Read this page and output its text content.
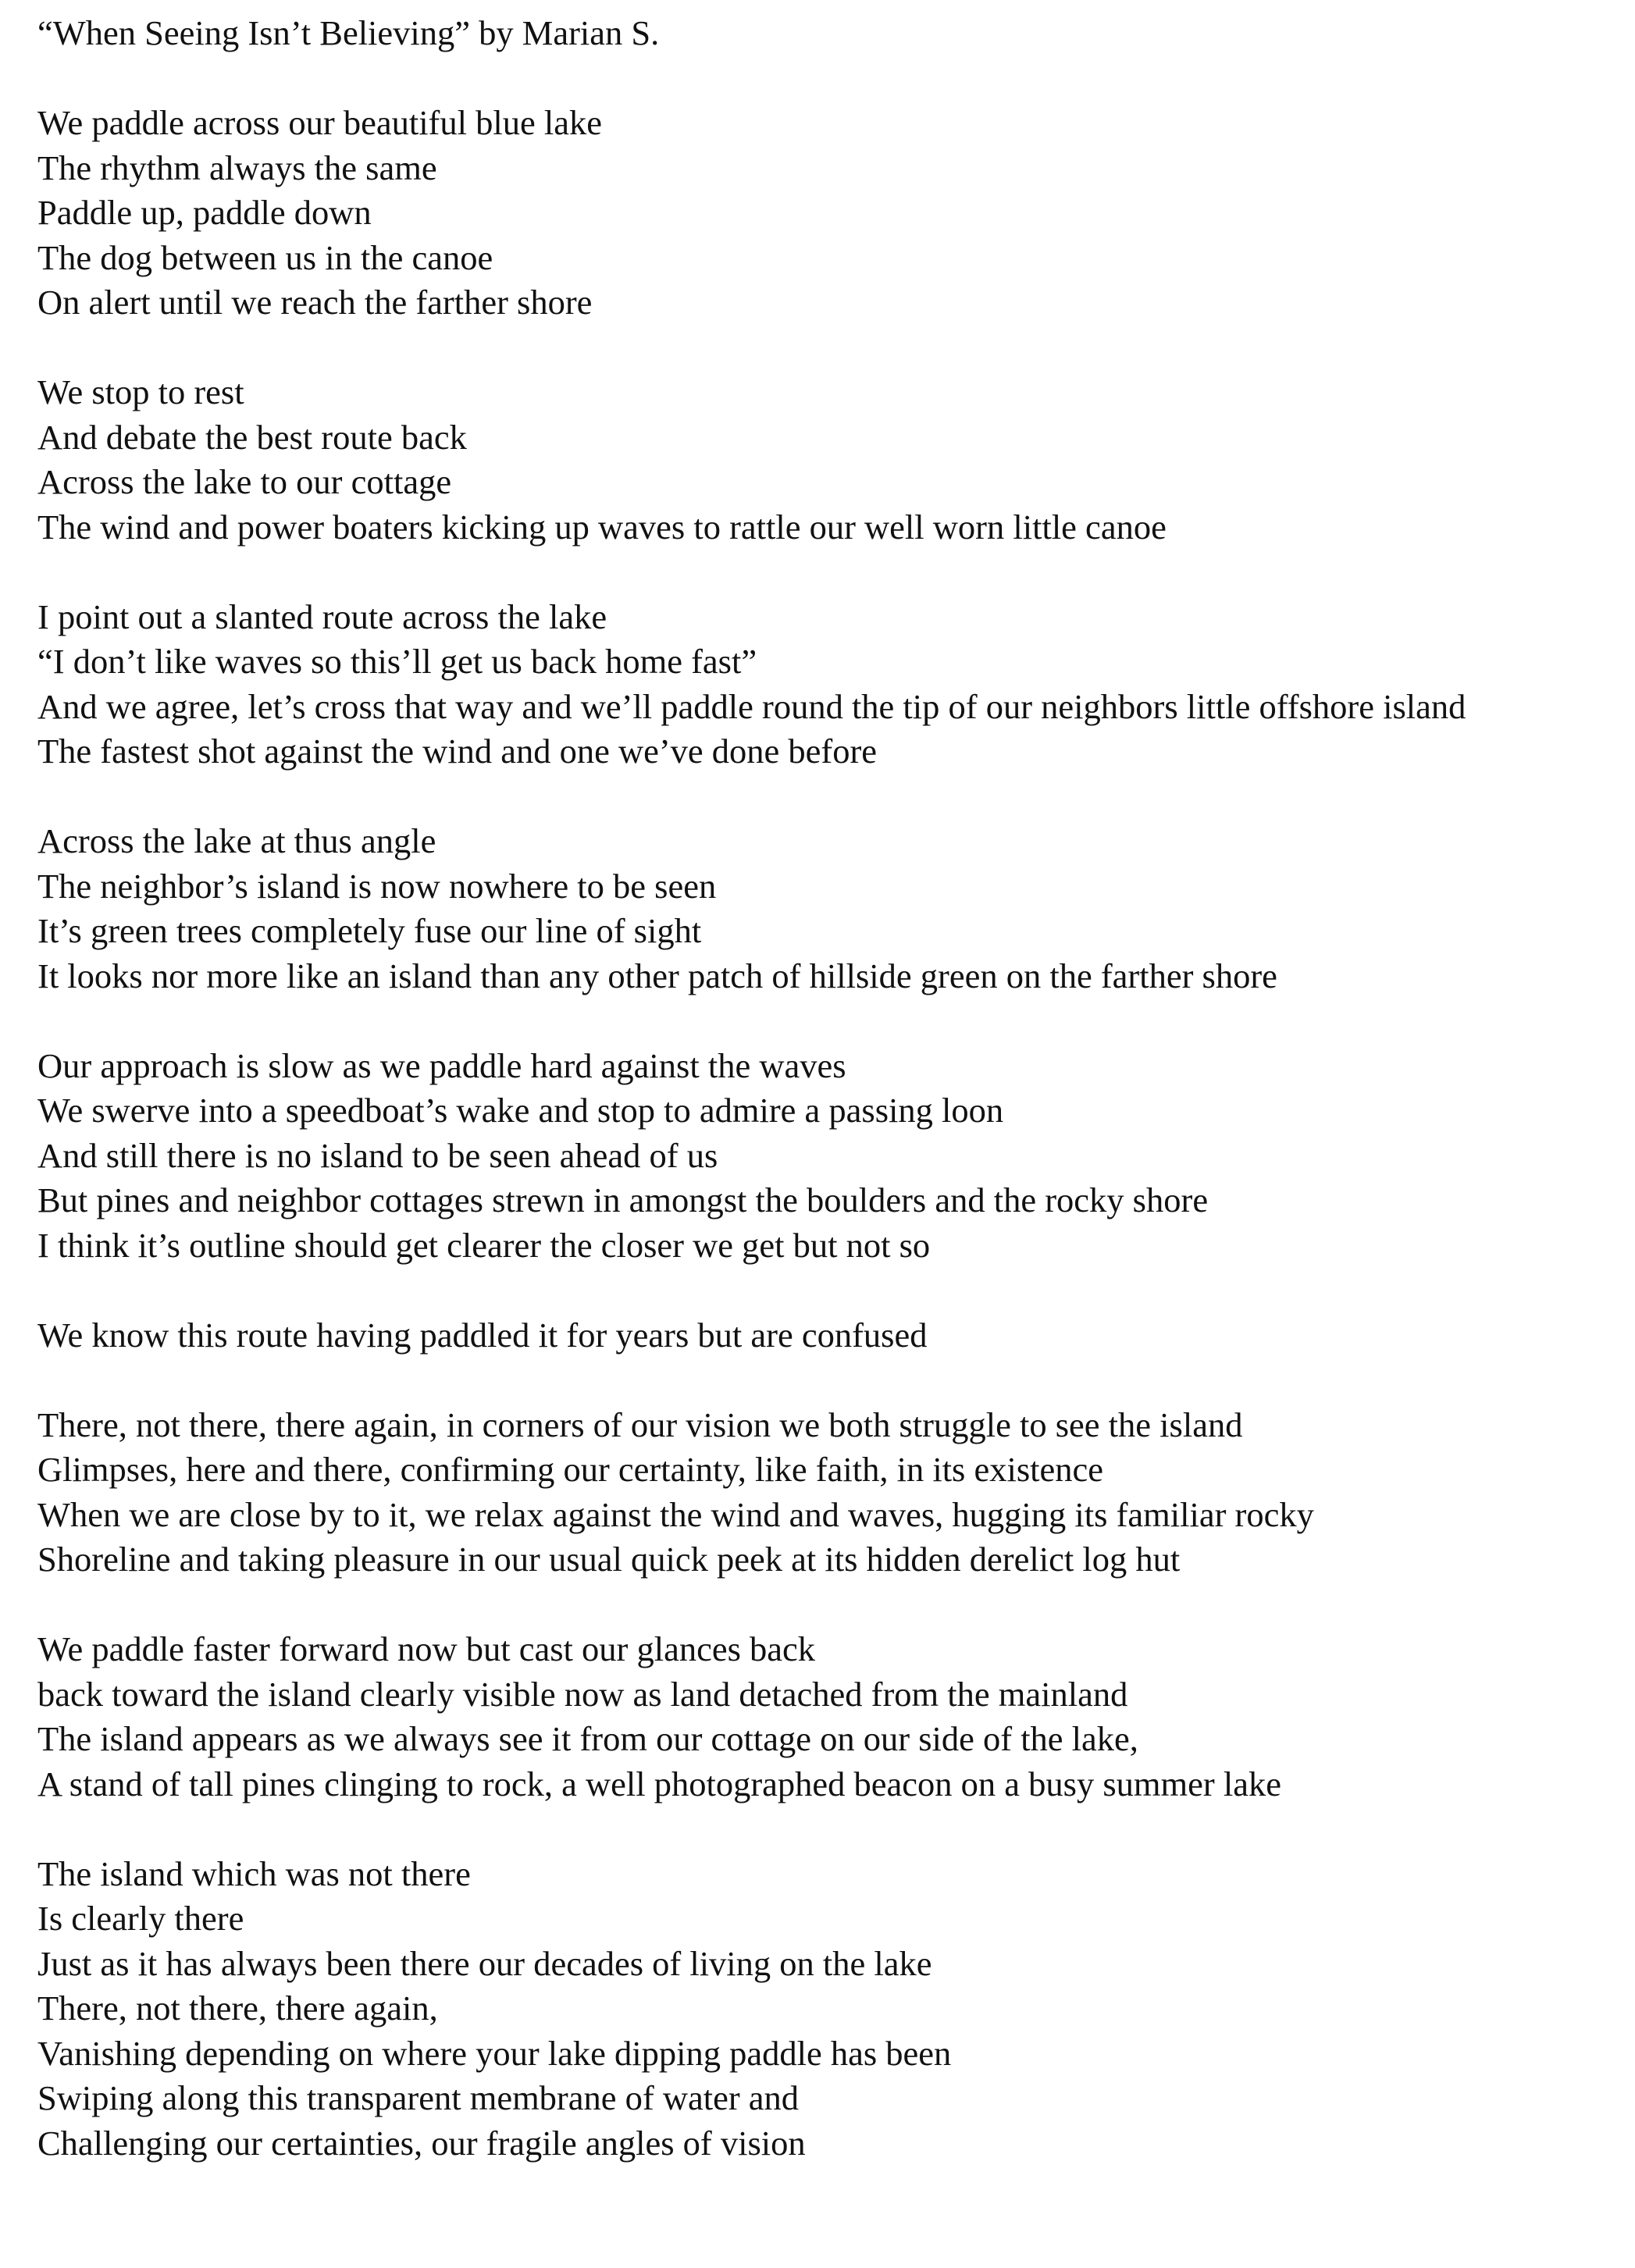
“When Seeing Isn’t Believing” by Marian S.
We paddle across our beautiful blue lake
The rhythm always the same
Paddle up, paddle down
The dog between us in the canoe
On alert until we reach the farther shore
We stop to rest
And debate the best route back
Across the lake to our cottage
The wind and power boaters kicking up waves to rattle our well worn little canoe
I point out a slanted route across the lake
“I don’t like waves so this’ll get us back home fast”
And we agree, let’s cross that way and we’ll paddle round the tip of our neighbors little offshore island
The fastest shot against the wind and one we’ve done before
Across the lake at thus angle
The neighbor’s island is now nowhere to be seen
It’s green trees completely fuse our line of sight
It looks nor more like an island than any other patch of hillside green on the farther shore
Our approach is slow as we paddle hard against the waves
We swerve into a speedboat’s wake and stop to admire a passing loon
And still there is no island to be seen ahead of us
But pines and neighbor cottages strewn in amongst the boulders and the rocky shore
I think it’s outline should get clearer the closer we get but not so
We know this route having paddled it for years but are confused
There, not there, there again, in corners of our vision we both struggle to see the island
Glimpses, here and there, confirming our certainty, like faith, in its existence
When we are close by to it, we relax against the wind and waves, hugging its familiar rocky
Shoreline and taking pleasure in our usual quick peek at its hidden derelict log hut
We paddle faster forward now but cast our glances back
back toward the island clearly visible now as land detached from the mainland
The island appears as we always see it from our cottage on our side of the lake,
A stand of tall pines clinging to rock, a well photographed beacon on a busy summer lake
The island which was not there
Is clearly there
Just as it has always been there our decades of living on the lake
There, not there, there again,
Vanishing depending on where your lake dipping paddle has been
Swiping along this transparent membrane of water and
Challenging our certainties, our fragile angles of vision
